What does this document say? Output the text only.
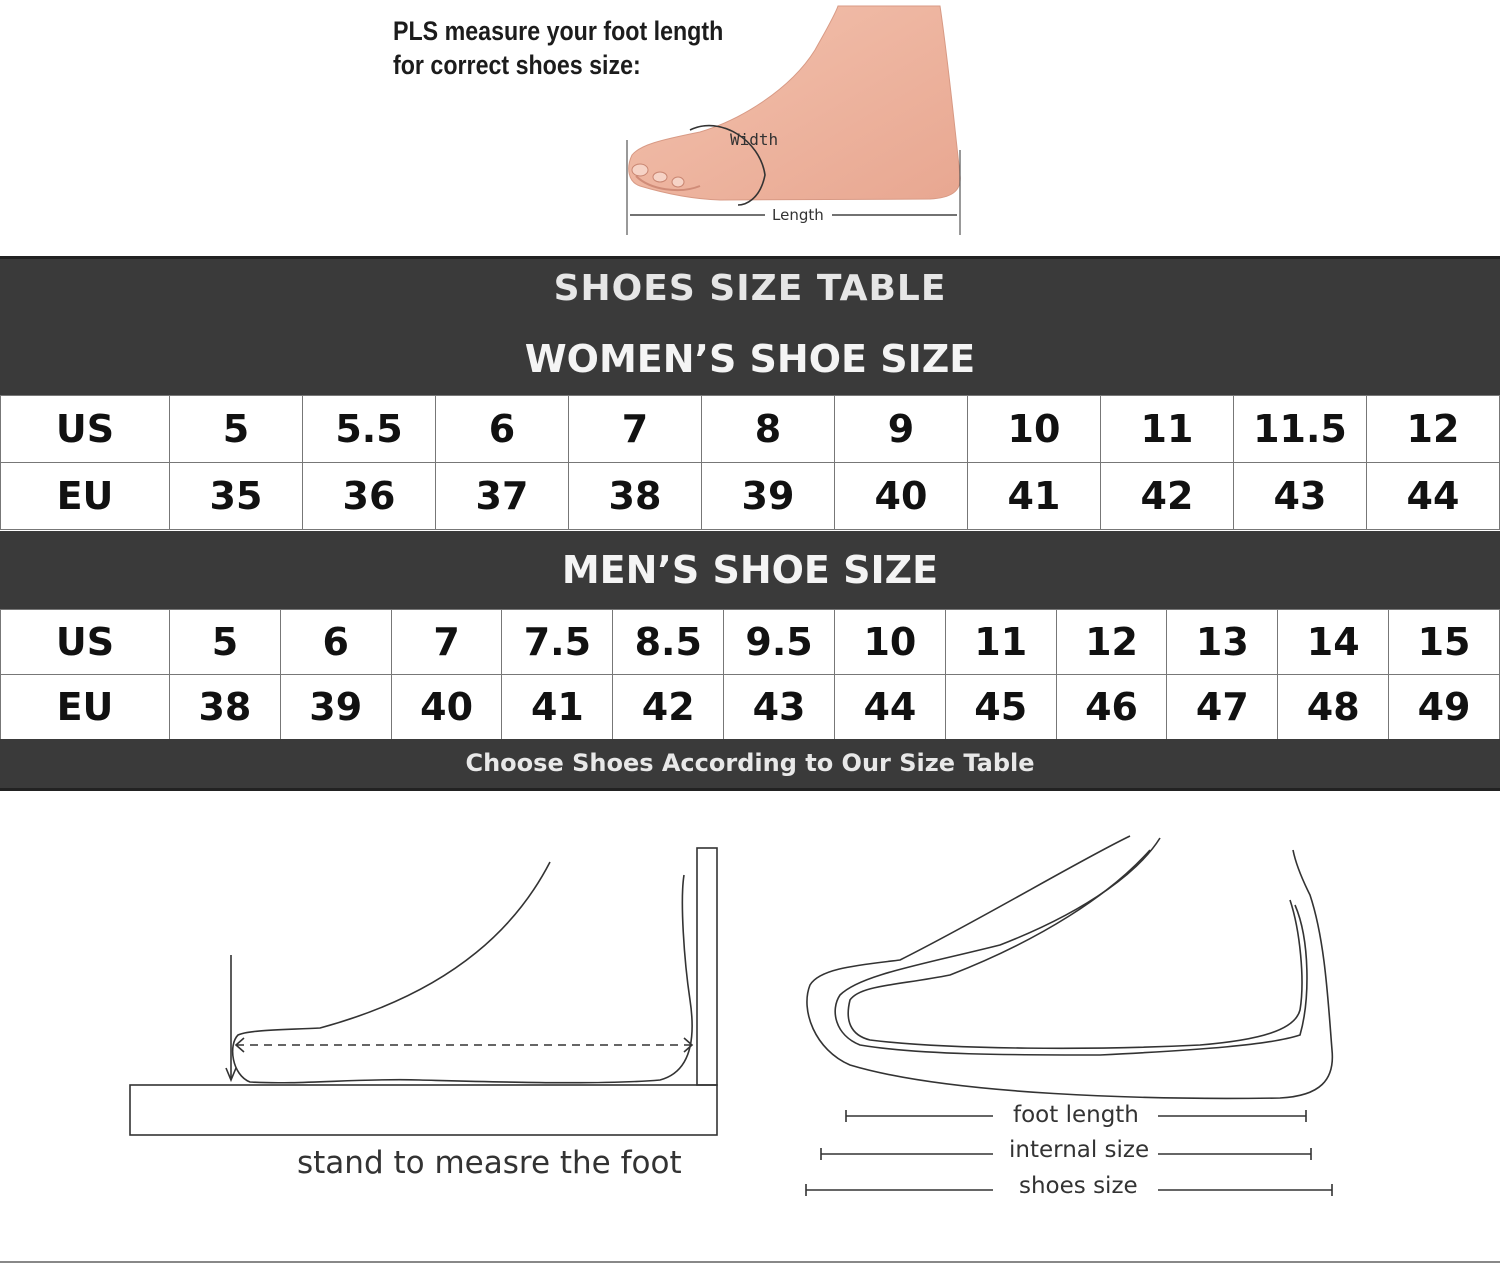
Width
Length
PLS measure your foot length
for correct shoes size:
SHOES SIZE TABLE
WOMEN’S SHOE SIZE
US	5	5.5	6	7	8	9	10	11	11.5	12
EU	35	36	37	38	39	40	41	42	43	44
MEN’S SHOE SIZE
US	5	6	7	7.5	8.5	9.5	10	11	12	13	14	15
EU	38	39	40	41	42	43	44	45	46	47	48	49
Choose Shoes According to Our Size Table
stand to measre the foot
foot length
internal size
shoes size
